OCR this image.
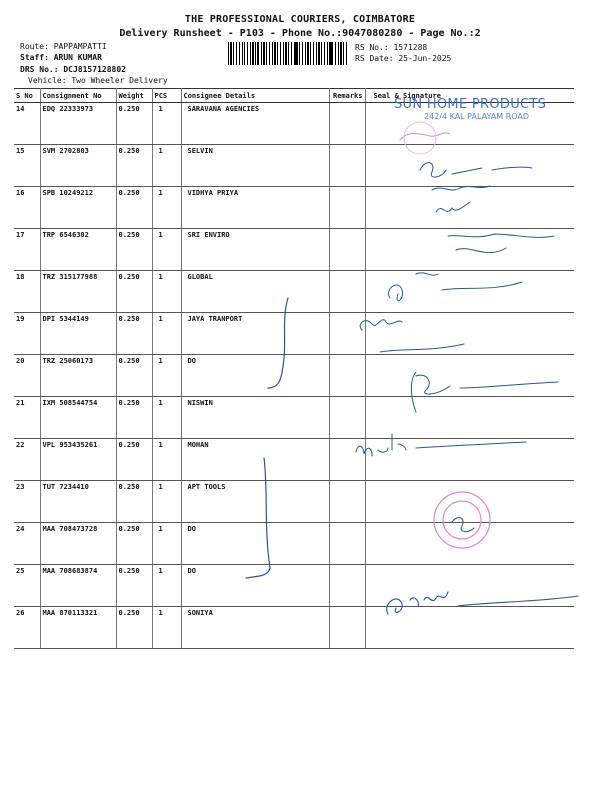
THE PROFESSIONAL COURIERS, COIMBATORE
Delivery Runsheet - P103 - Phone No.:9047080280 - Page No.:2
Route: PAPPAMPATTI
Staff: ARUN KUMAR
DRS No.: DCJ8157128802
Vehicle: Two Wheeler Delivery
RS No.: 1571288
RS Date: 25-Jun-2025
S No	Consignment No	Weight	PCS	Consignee Details	Remarks	Seal & Signature
14	EDQ 22333973	0.250	1	SARAVANA AGENCIES		
15	SVM 2702803	0.250	1	SELVIN		
16	SPB 10249212	0.250	1	VIDHYA PRIYA		
17	TRP 6546302	0.250	1	SRI ENVIRO		
18	TRZ 315177988	0.250	1	GLOBAL		
19	DPI 5344149	0.250	1	JAYA TRANPORT		
20	TRZ 25060173	0.250	1	DO		
21	IXM 508544754	0.250	1	NISWIN		
22	VPL 953435261	0.250	1	MOHAN		
23	TUT 7234410	0.250	1	APT TOOLS		
24	MAA 708473728	0.250	1	DO		
25	MAA 708683874	0.250	1	DO		
26	MAA 870113321	0.250	1	SONIYA		
SUN HOME PRODUCTS
242/4 KAL PALAYAM ROAD
